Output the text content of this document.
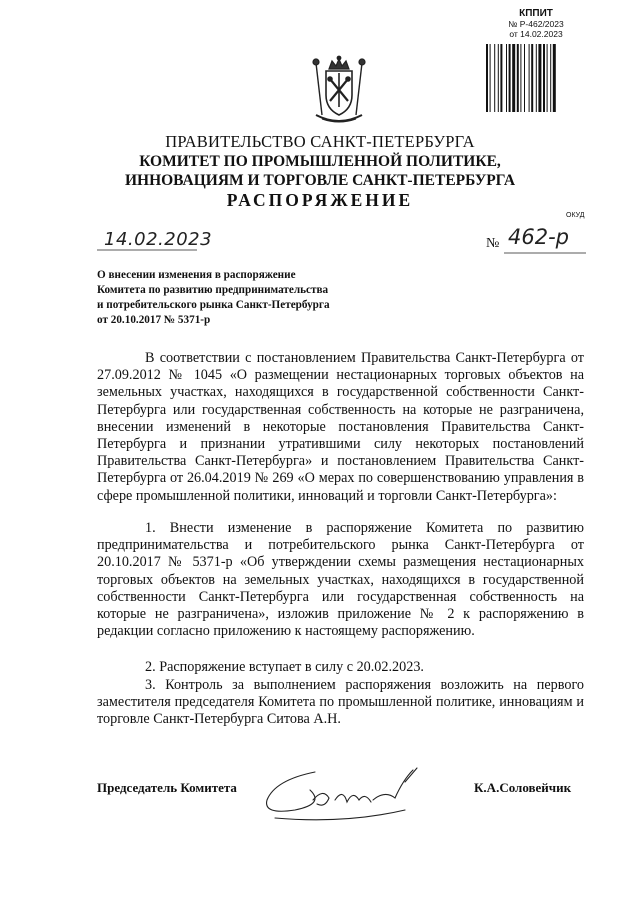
КППИТ
№ Р-462/2023
от 14.02.2023
ПРАВИТЕЛЬСТВО САНКТ-ПЕТЕРБУРГА
КОМИТЕТ ПО ПРОМЫШЛЕННОЙ ПОЛИТИКЕ,
ИННОВАЦИЯМ И ТОРГОВЛЕ САНКТ-ПЕТЕРБУРГА
РАСПОРЯЖЕНИЕ
ОКУД
14.02.2023	№ 462-р
О внесении изменения в распоряжение
Комитета по развитию предпринимательства
и потребительского рынка Санкт-Петербурга
от 20.10.2017 № 5371-р
В соответствии с постановлением Правительства Санкт-Петербурга от 27.09.2012 № 1045 «О размещении нестационарных торговых объектов на земельных участках, находящихся в государственной собственности Санкт-Петербурга или государственная собственность на которые не разграничена, внесении изменений в некоторые постановления Правительства Санкт-Петербурга и признании утратившими силу некоторых постановлений Правительства Санкт-Петербурга» и постановлением Правительства Санкт-Петербурга от 26.04.2019 № 269 «О мерах по совершенствованию управления в сфере промышленной политики, инноваций и торговли Санкт-Петербурга»:
1. Внести изменение в распоряжение Комитета по развитию предпринимательства и потребительского рынка Санкт-Петербурга от 20.10.2017 № 5371-р «Об утверждении схемы размещения нестационарных торговых объектов на земельных участках, находящихся в государственной собственности Санкт-Петербурга или государственная собственность на которые не разграничена», изложив приложение № 2 к распоряжению в редакции согласно приложению к настоящему распоряжению.
2. Распоряжение вступает в силу с 20.02.2023.
3. Контроль за выполнением распоряжения возложить на первого заместителя председателя Комитета по промышленной политике, инновациям и торговле Санкт-Петербурга Ситова А.Н.
Председатель Комитета	К.А.Соловейчик
